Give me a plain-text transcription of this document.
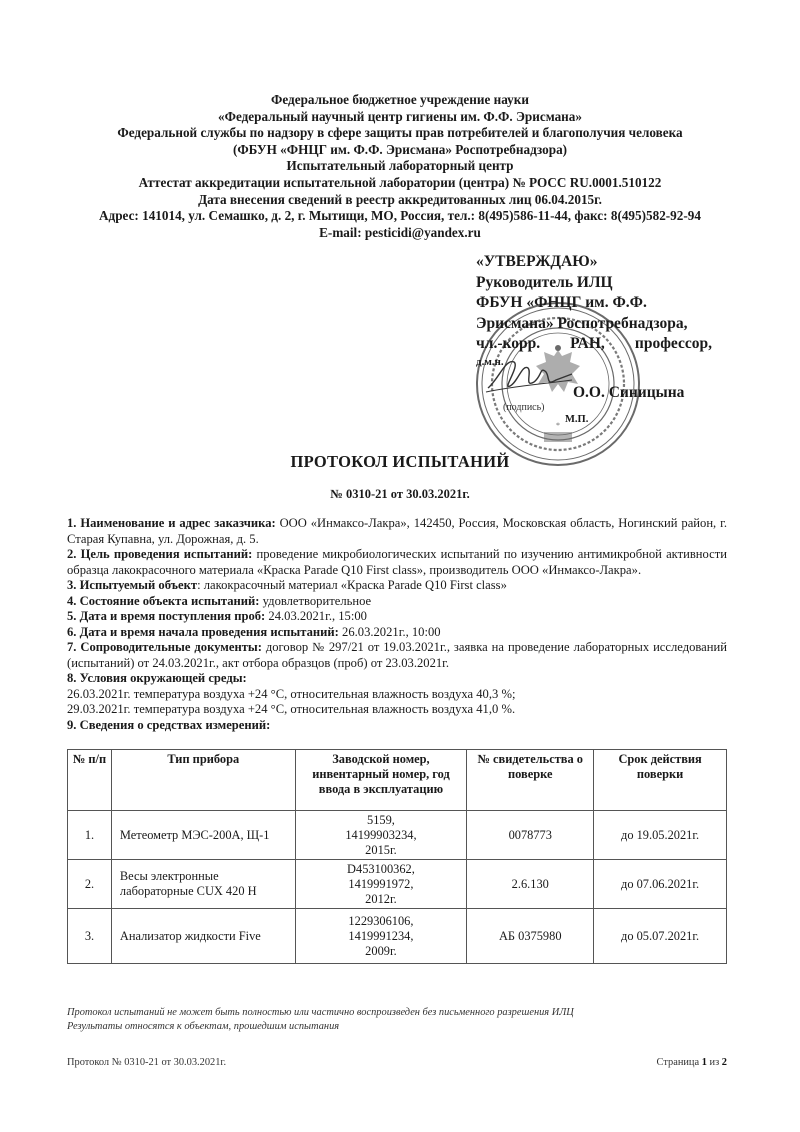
Федеральное бюджетное учреждение науки
«Федеральный научный центр гигиены им. Ф.Ф. Эрисмана»
Федеральной службы по надзору в сфере защиты прав потребителей и благополучия человека
(ФБУН «ФНЦГ им. Ф.Ф. Эрисмана» Роспотребнадзора)
Испытательный лабораторный центр
Аттестат аккредитации испытательной лаборатории (центра) № РОСС RU.0001.510122
Дата внесения сведений в реестр аккредитованных лиц 06.04.2015г.
Адрес: 141014, ул. Семашко, д. 2, г. Мытищи, МО, Россия, тел.: 8(495)586-11-44, факс: 8(495)582-92-94
E-mail: pesticidi@yandex.ru
*
«УТВЕРЖДАЮ»
Руководитель ИЛЦ
ФБУН «ФНЦГ им. Ф.Ф.
Эрисмана» Роспотребнадзора,
чл.-корр. РАН, профессор,
д.м.н.
О.О. Синицына
(подпись)
М.П.
ПРОТОКОЛ ИСПЫТАНИЙ
№ 0310-21 от 30.03.2021г.
1. Наименование и адрес заказчика: ООО «Инмаксо-Лакра», 142450, Россия, Московская область, Ногинский район, г. Старая Купавна, ул. Дорожная, д. 5.
2. Цель проведения испытаний: проведение микробиологических испытаний по изучению антимикробной активности образца лакокрасочного материала «Краска Parade Q10 First class», производитель ООО «Инмаксо-Лакра».
3. Испытуемый объект: лакокрасочный материал «Краска Parade Q10 First class»
4. Состояние объекта испытаний: удовлетворительное
5. Дата и время поступления проб: 24.03.2021г., 15:00
6. Дата и время начала проведения испытаний: 26.03.2021г., 10:00
7. Сопроводительные документы: договор № 297/21 от 19.03.2021г., заявка на проведение лабораторных исследований (испытаний) от 24.03.2021г., акт отбора образцов (проб) от 23.03.2021г.
8. Условия окружающей среды:
26.03.2021г. температура воздуха +24 °С, относительная влажность воздуха 40,3 %;
29.03.2021г. температура воздуха +24 °С, относительная влажность воздуха 41,0 %.
9. Сведения о средствах измерений:
№ п/п	Тип прибора	Заводской номер, инвентарный номер, год ввода в эксплуатацию	№ свидетельства о поверке	Срок действия поверки
1.	Метеометр МЭС-200А, Щ-1	5159,
14199903234,
2015г.	0078773	до 19.05.2021г.
2.	Весы электронные лабораторные CUX 420 H	D453100362,
1419991972,
2012г.	2.6.130	до 07.06.2021г.
3.	Анализатор жидкости Five	1229306106,
1419991234,
2009г.	АБ 0375980	до 05.07.2021г.
Протокол испытаний не может быть полностью или частично воспроизведен без письменного разрешения ИЛЦ
Результаты относятся к объектам, прошедшим испытания
Протокол № 0310-21 от 30.03.2021г.	Страница 1 из 2
